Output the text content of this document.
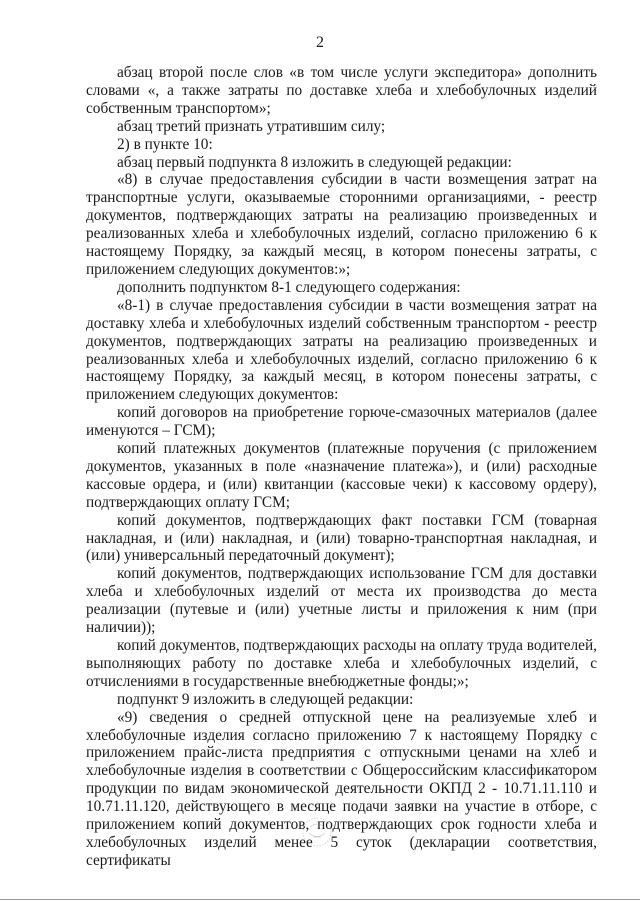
2

абзац второй после слов «в том числе услуги экспедитора» дополнить словами «, а также затраты по доставке хлеба и хлебобулочных изделий собственным транспортом»;

абзац третий признать утратившим силу;

2) в пункте 10:

абзац первый подпункта 8 изложить в следующей редакции:

«8) в случае предоставления субсидии в части возмещения затрат на транспортные услуги, оказываемые сторонними организациями, - реестр документов, подтверждающих затраты на реализацию произведенных и реализованных хлеба и хлебобулочных изделий, согласно приложению 6 к настоящему Порядку, за каждый месяц, в котором понесены затраты, с приложением следующих документов:»;

дополнить подпунктом 8-1 следующего содержания:

«8-1) в случае предоставления субсидии в части возмещения затрат на доставку хлеба и хлебобулочных изделий собственным транспортом - реестр документов, подтверждающих затраты на реализацию произведенных и реализованных хлеба и хлебобулочных изделий, согласно приложению 6 к настоящему Порядку, за каждый месяц, в котором понесены затраты, с приложением следующих документов:

копий договоров на приобретение горюче-смазочных материалов (далее именуются – ГСМ);

копий платежных документов (платежные поручения (с приложением документов, указанных в поле «назначение платежа»), и (или) расходные кассовые ордера, и (или) квитанции (кассовые чеки) к кассовому ордеру), подтверждающих оплату ГСМ;

копий документов, подтверждающих факт поставки ГСМ (товарная накладная, и (или) накладная, и (или) товарно-транспортная накладная, и (или) универсальный передаточный документ);

копий документов, подтверждающих использование ГСМ для доставки хлеба и хлебобулочных изделий от места их производства до места реализации (путевые и (или) учетные листы и приложения к ним (при наличии));

копий документов, подтверждающих расходы на оплату труда водителей, выполняющих работу по доставке хлеба и хлебобулочных изделий, с отчислениями в государственные внебюджетные фонды;»;

подпункт 9 изложить в следующей редакции:

«9) сведения о средней отпускной цене на реализуемые хлеб и хлебобулочные изделия согласно приложению 7 к настоящему Порядку с приложением прайс-листа предприятия с отпускными ценами на хлеб и хлебобулочные изделия в соответствии с Общероссийским классификатором продукции по видам экономической деятельности ОКПД 2 - 10.71.11.110 и 10.71.11.120, действующего в месяце подачи заявки на участие в отборе, с приложением копий документов, подтверждающих срок годности хлеба и хлебобулочных изделий менее 5 суток (декларации соответствия, сертификаты
